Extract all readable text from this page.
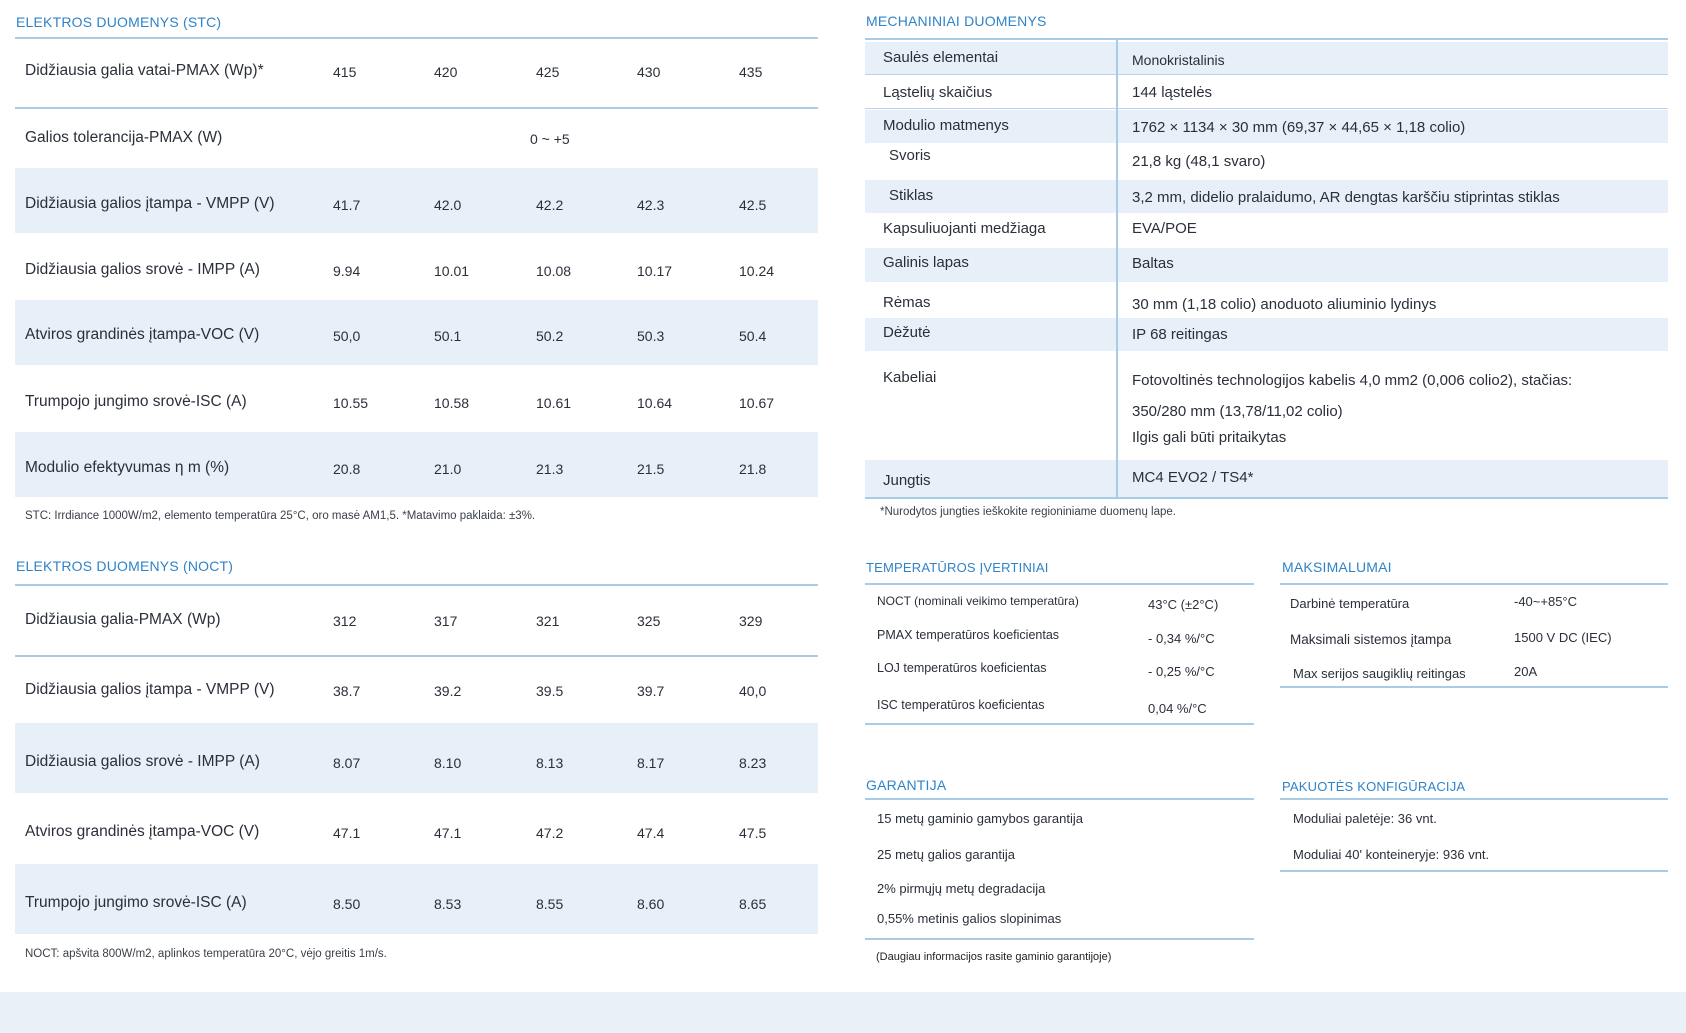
ELEKTROS DUOMENYS (STC)
Didžiausia galia vatai-PMAX (Wp)*	415	420	425	430	435
Galios tolerancija-PMAX (W)	0 ~ +5
Didžiausia galios įtampa - VMPP (V)	41.7	42.0	42.2	42.3	42.5
Didžiausia galios srovė - IMPP (A)	9.94	10.01	10.08	10.17	10.24
Atviros grandinės įtampa-VOC (V)	50,0	50.1	50.2	50.3	50.4
Trumpojo jungimo srovė-ISC (A)	10.55	10.58	10.61	10.64	10.67
Modulio efektyvumas η m (%)	20.8	21.0	21.3	21.5	21.8
STC: Irrdiance 1000W/m2, elemento temperatūra 25°C, oro masė AM1,5. *Matavimo paklaida: ±3%.
ELEKTROS DUOMENYS (NOCT)
Didžiausia galia-PMAX (Wp)	312	317	321	325	329
Didžiausia galios įtampa - VMPP (V)	38.7	39.2	39.5	39.7	40,0
Didžiausia galios srovė - IMPP (A)	8.07	8.10	8.13	8.17	8.23
Atviros grandinės įtampa-VOC (V)	47.1	47.1	47.2	47.4	47.5
Trumpojo jungimo srovė-ISC (A)	8.50	8.53	8.55	8.60	8.65
NOCT: apšvita 800W/m2, aplinkos temperatūra 20°C, vėjo greitis 1m/s.
MECHANINIAI DUOMENYS
Saulės elementai	Monokristalinis
Ląstelių skaičius	144 ląstelės
Modulio matmenys	1762 × 1134 × 30 mm (69,37 × 44,65 × 1,18 colio)
Svoris	21,8 kg (48,1 svaro)
Stiklas	3,2 mm, didelio pralaidumo, AR dengtas karščiu stiprintas stiklas
Kapsuliuojanti medžiaga	EVA/POE
Galinis lapas	Baltas
Rėmas	30 mm (1,18 colio) anoduoto aliuminio lydinys
Dėžutė	IP 68 reitingas
Kabeliai	Fotovoltinės technologijos kabelis 4,0 mm2 (0,006 colio2), stačias:
350/280 mm (13,78/11,02 colio)
Ilgis gali būti pritaikytas
Jungtis	MC4 EVO2 / TS4*
*Nurodytos jungties ieškokite regioniniame duomenų lape.
TEMPERATŪROS ĮVERTINIAI
NOCT (nominali veikimo temperatūra)	43°C (±2°C)
PMAX temperatūros koeficientas	- 0,34 %/°C
LOJ temperatūros koeficientas	- 0,25 %/°C
ISC temperatūros koeficientas	0,04 %/°C
MAKSIMALUMAI
Darbinė temperatūra	-40~+85°C
Maksimali sistemos įtampa	1500 V DC (IEC)
Max serijos saugiklių reitingas	20A
GARANTIJA
15 metų gaminio gamybos garantija
25 metų galios garantija
2% pirmųjų metų degradacija
0,55% metinis galios slopinimas
(Daugiau informacijos rasite gaminio garantijoje)
PAKUOTĖS KONFIGŪRACIJA
Moduliai paletėje: 36 vnt.
Moduliai 40' konteineryje: 936 vnt.
